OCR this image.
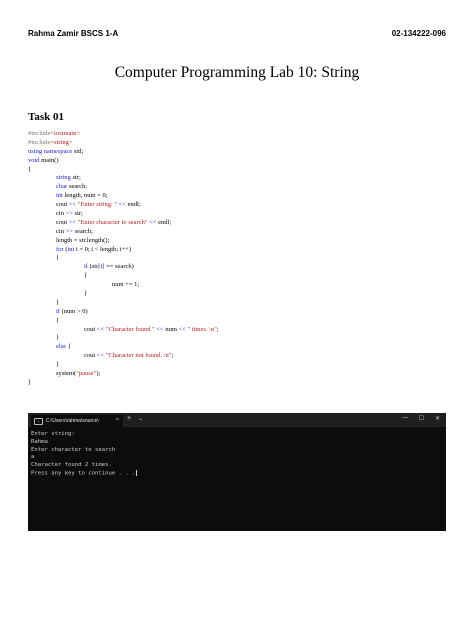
Rahma Zamir BSCS 1-A	02-134222-096
Computer Programming Lab 10: String
Task 01
#include<iostream>
#include<string>
using namespace std;
void main()
{
string str;
char search;
int length, num = 0;
cout << "Enter string: " << endl;
cin >> str;
cout << "Enter character to search" << endl;
cin >> search;
length = str.length();
for (int i = 0; i < length; i++)
{
if (str[i] == search)
{
num += 1;
}
}
if (num > 0)
{
cout << "Character found " << num << " times. \n";
}
else {
cout << "Character not found. \n";
}
system("pause");
}
›	C:\Users\rahma\source\	× + ⌄	— ☐ ✕
Enter string:
Rahma
Enter character to search
a
Character found 2 times.
Press any key to continue . . .
